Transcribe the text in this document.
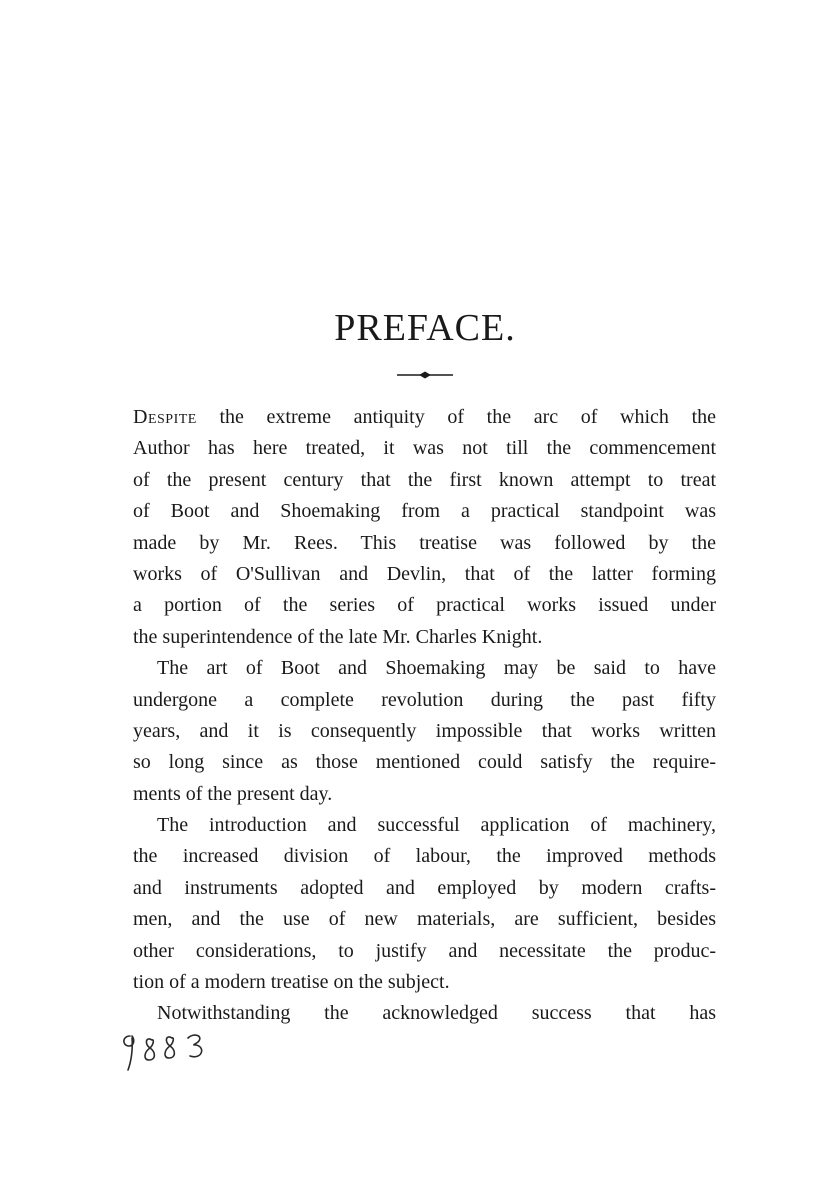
PREFACE.
Despite the extreme antiquity of the arc of which the
Author has here treated, it was not till the commencement
of the present century that the first known attempt to treat
of Boot and Shoemaking from a practical standpoint was
made by Mr. Rees. This treatise was followed by the
works of O'Sullivan and Devlin, that of the latter forming
a portion of the series of practical works issued under
the superintendence of the late Mr. Charles Knight.
The art of Boot and Shoemaking may be said to have
undergone a complete revolution during the past fifty
years, and it is consequently impossible that works written
so long since as those mentioned could satisfy the require-
ments of the present day.
The introduction and successful application of machinery,
the increased division of labour, the improved methods
and instruments adopted and employed by modern crafts-
men, and the use of new materials, are sufficient, besides
other considerations, to justify and necessitate the produc-
tion of a modern treatise on the subject.
Notwithstanding the acknowledged success that has
